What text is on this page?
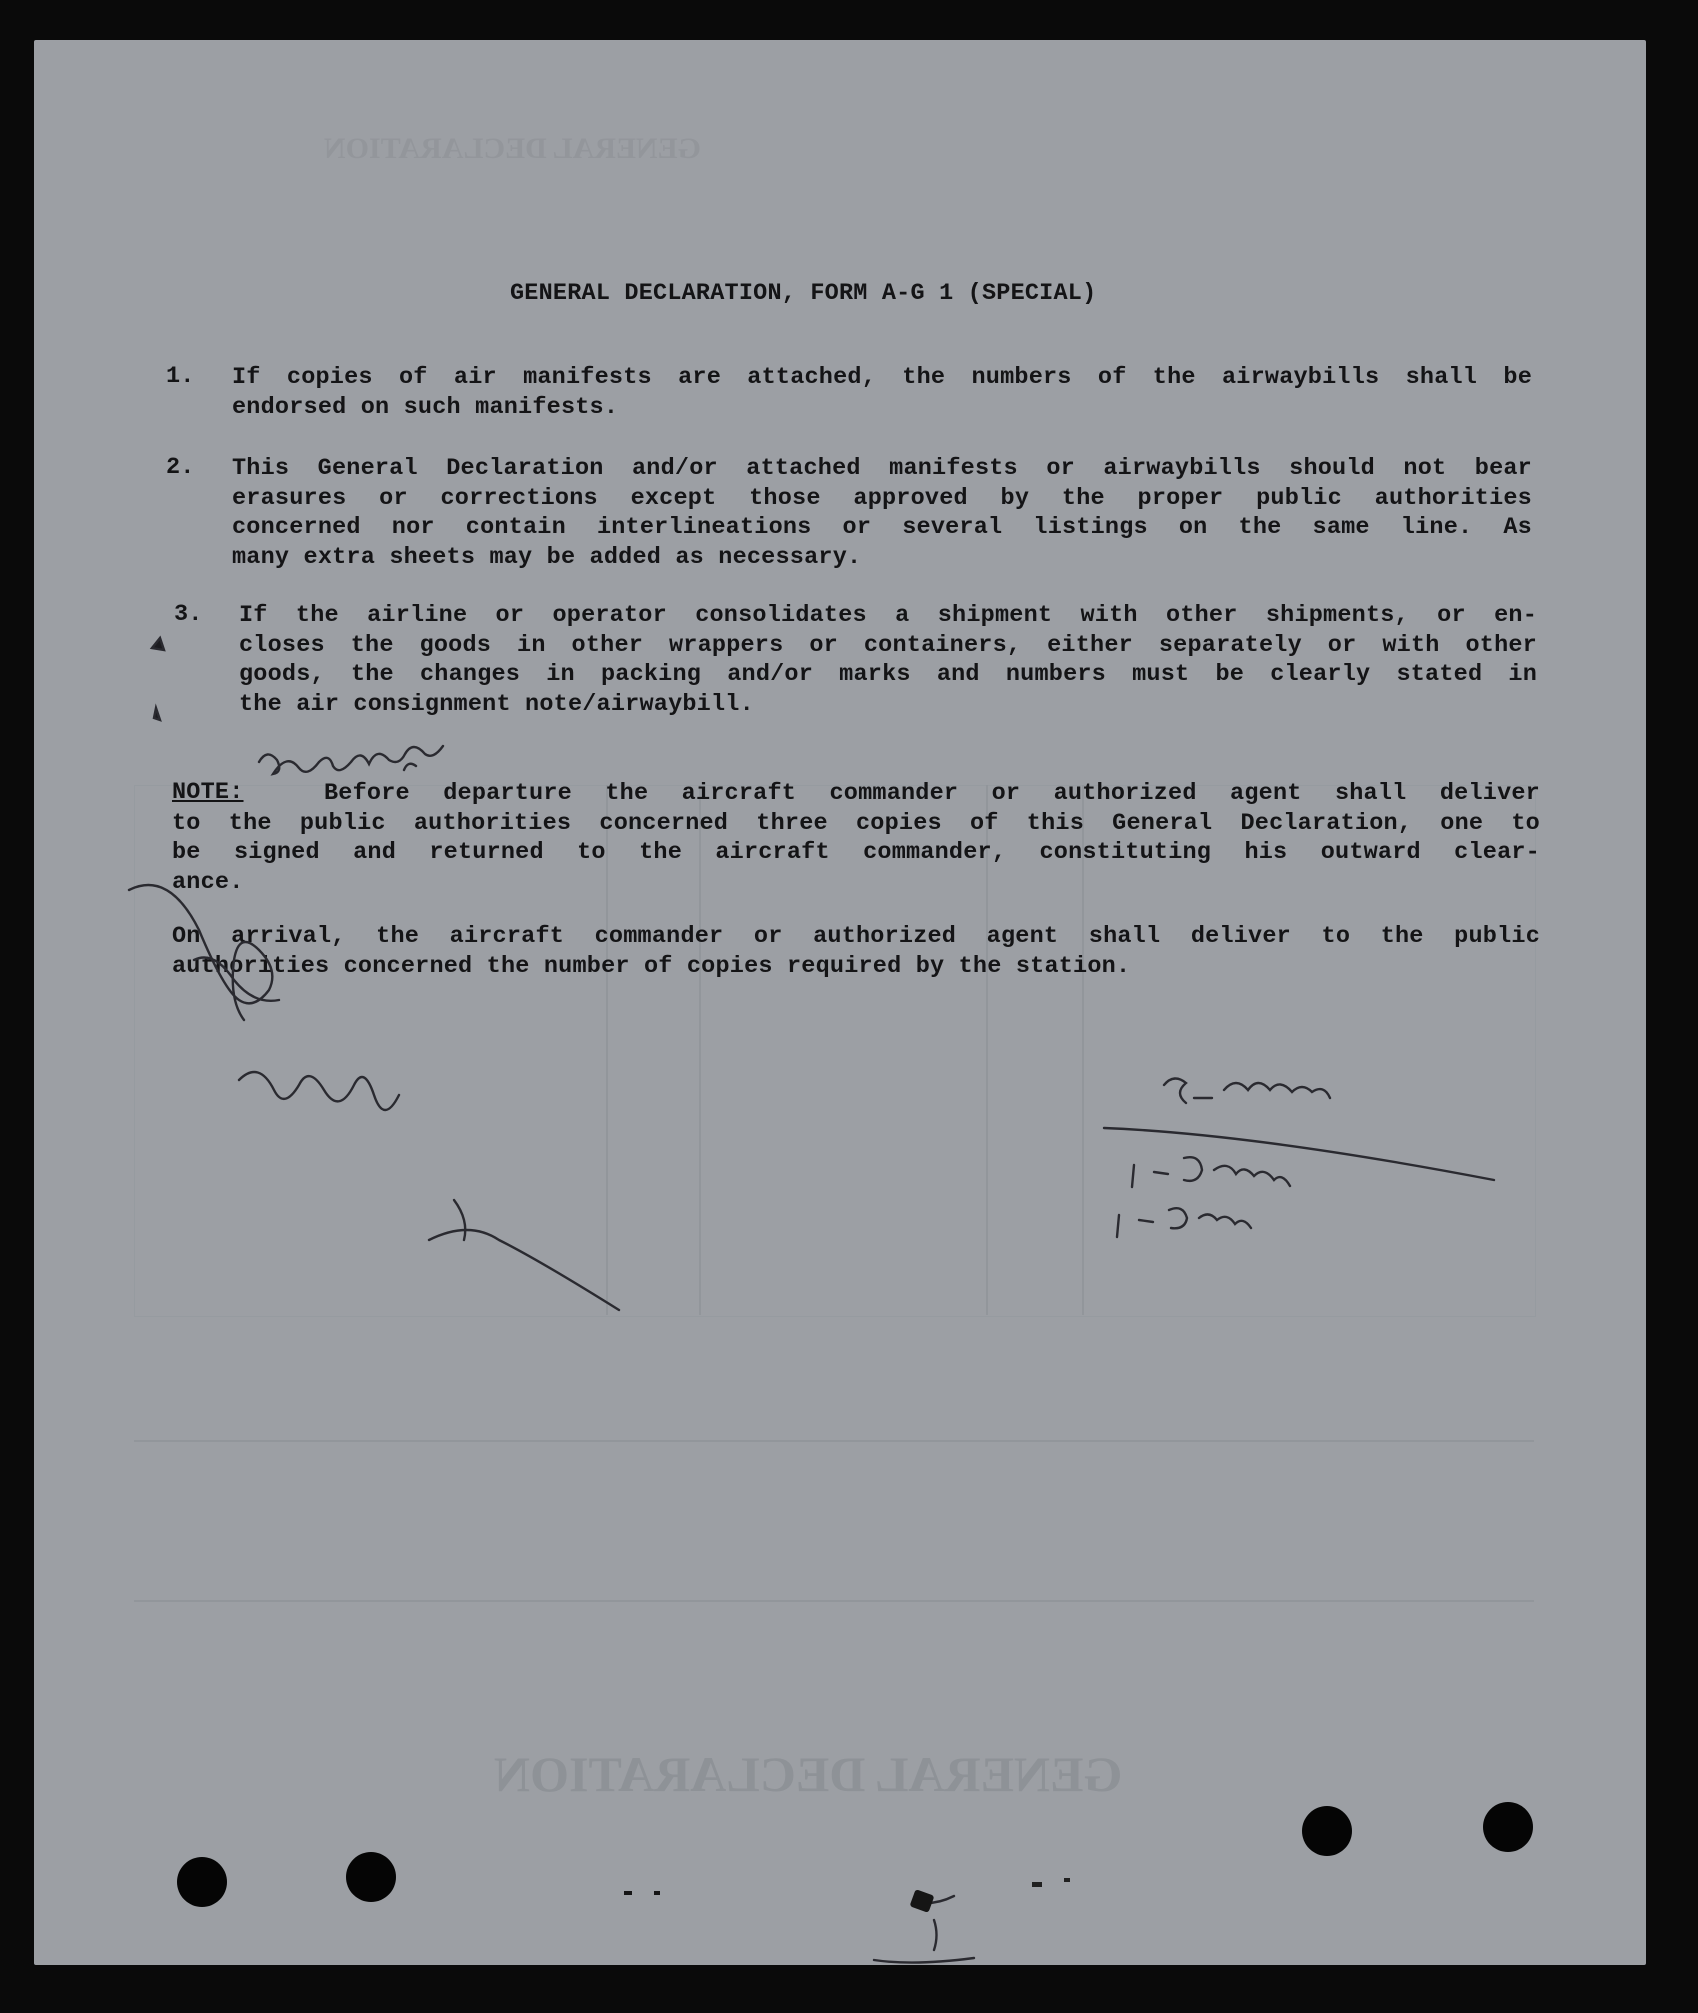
GENERAL DECLARATION
GENERAL DECLARATION
GENERAL DECLARATION, FORM A-G 1 (SPECIAL)
1. If copies of air manifests are attached, the numbers of the airwaybills shall be
endorsed on such manifests.
2. This General Declaration and/or attached manifests or airwaybills should not bear
erasures or corrections except those approved by the proper public authorities
concerned nor contain interlineations or several listings on the same line. As
many extra sheets may be added as necessary.
3. If the airline or operator consolidates a shipment with other shipments, or en-
closes the goods in other wrappers or containers, either separately or with other
goods, the changes in packing and/or marks and numbers must be clearly stated in
the air consignment note/airwaybill.
NOTE:	Before departure the aircraft commander or authorized agent shall deliver
to the public authorities concerned three copies of this General Declaration, one to
be signed and returned to the aircraft commander, constituting his outward clear-
ance.
On arrival, the aircraft commander or authorized agent shall deliver to the public
authorities concerned the number of copies required by the station.
